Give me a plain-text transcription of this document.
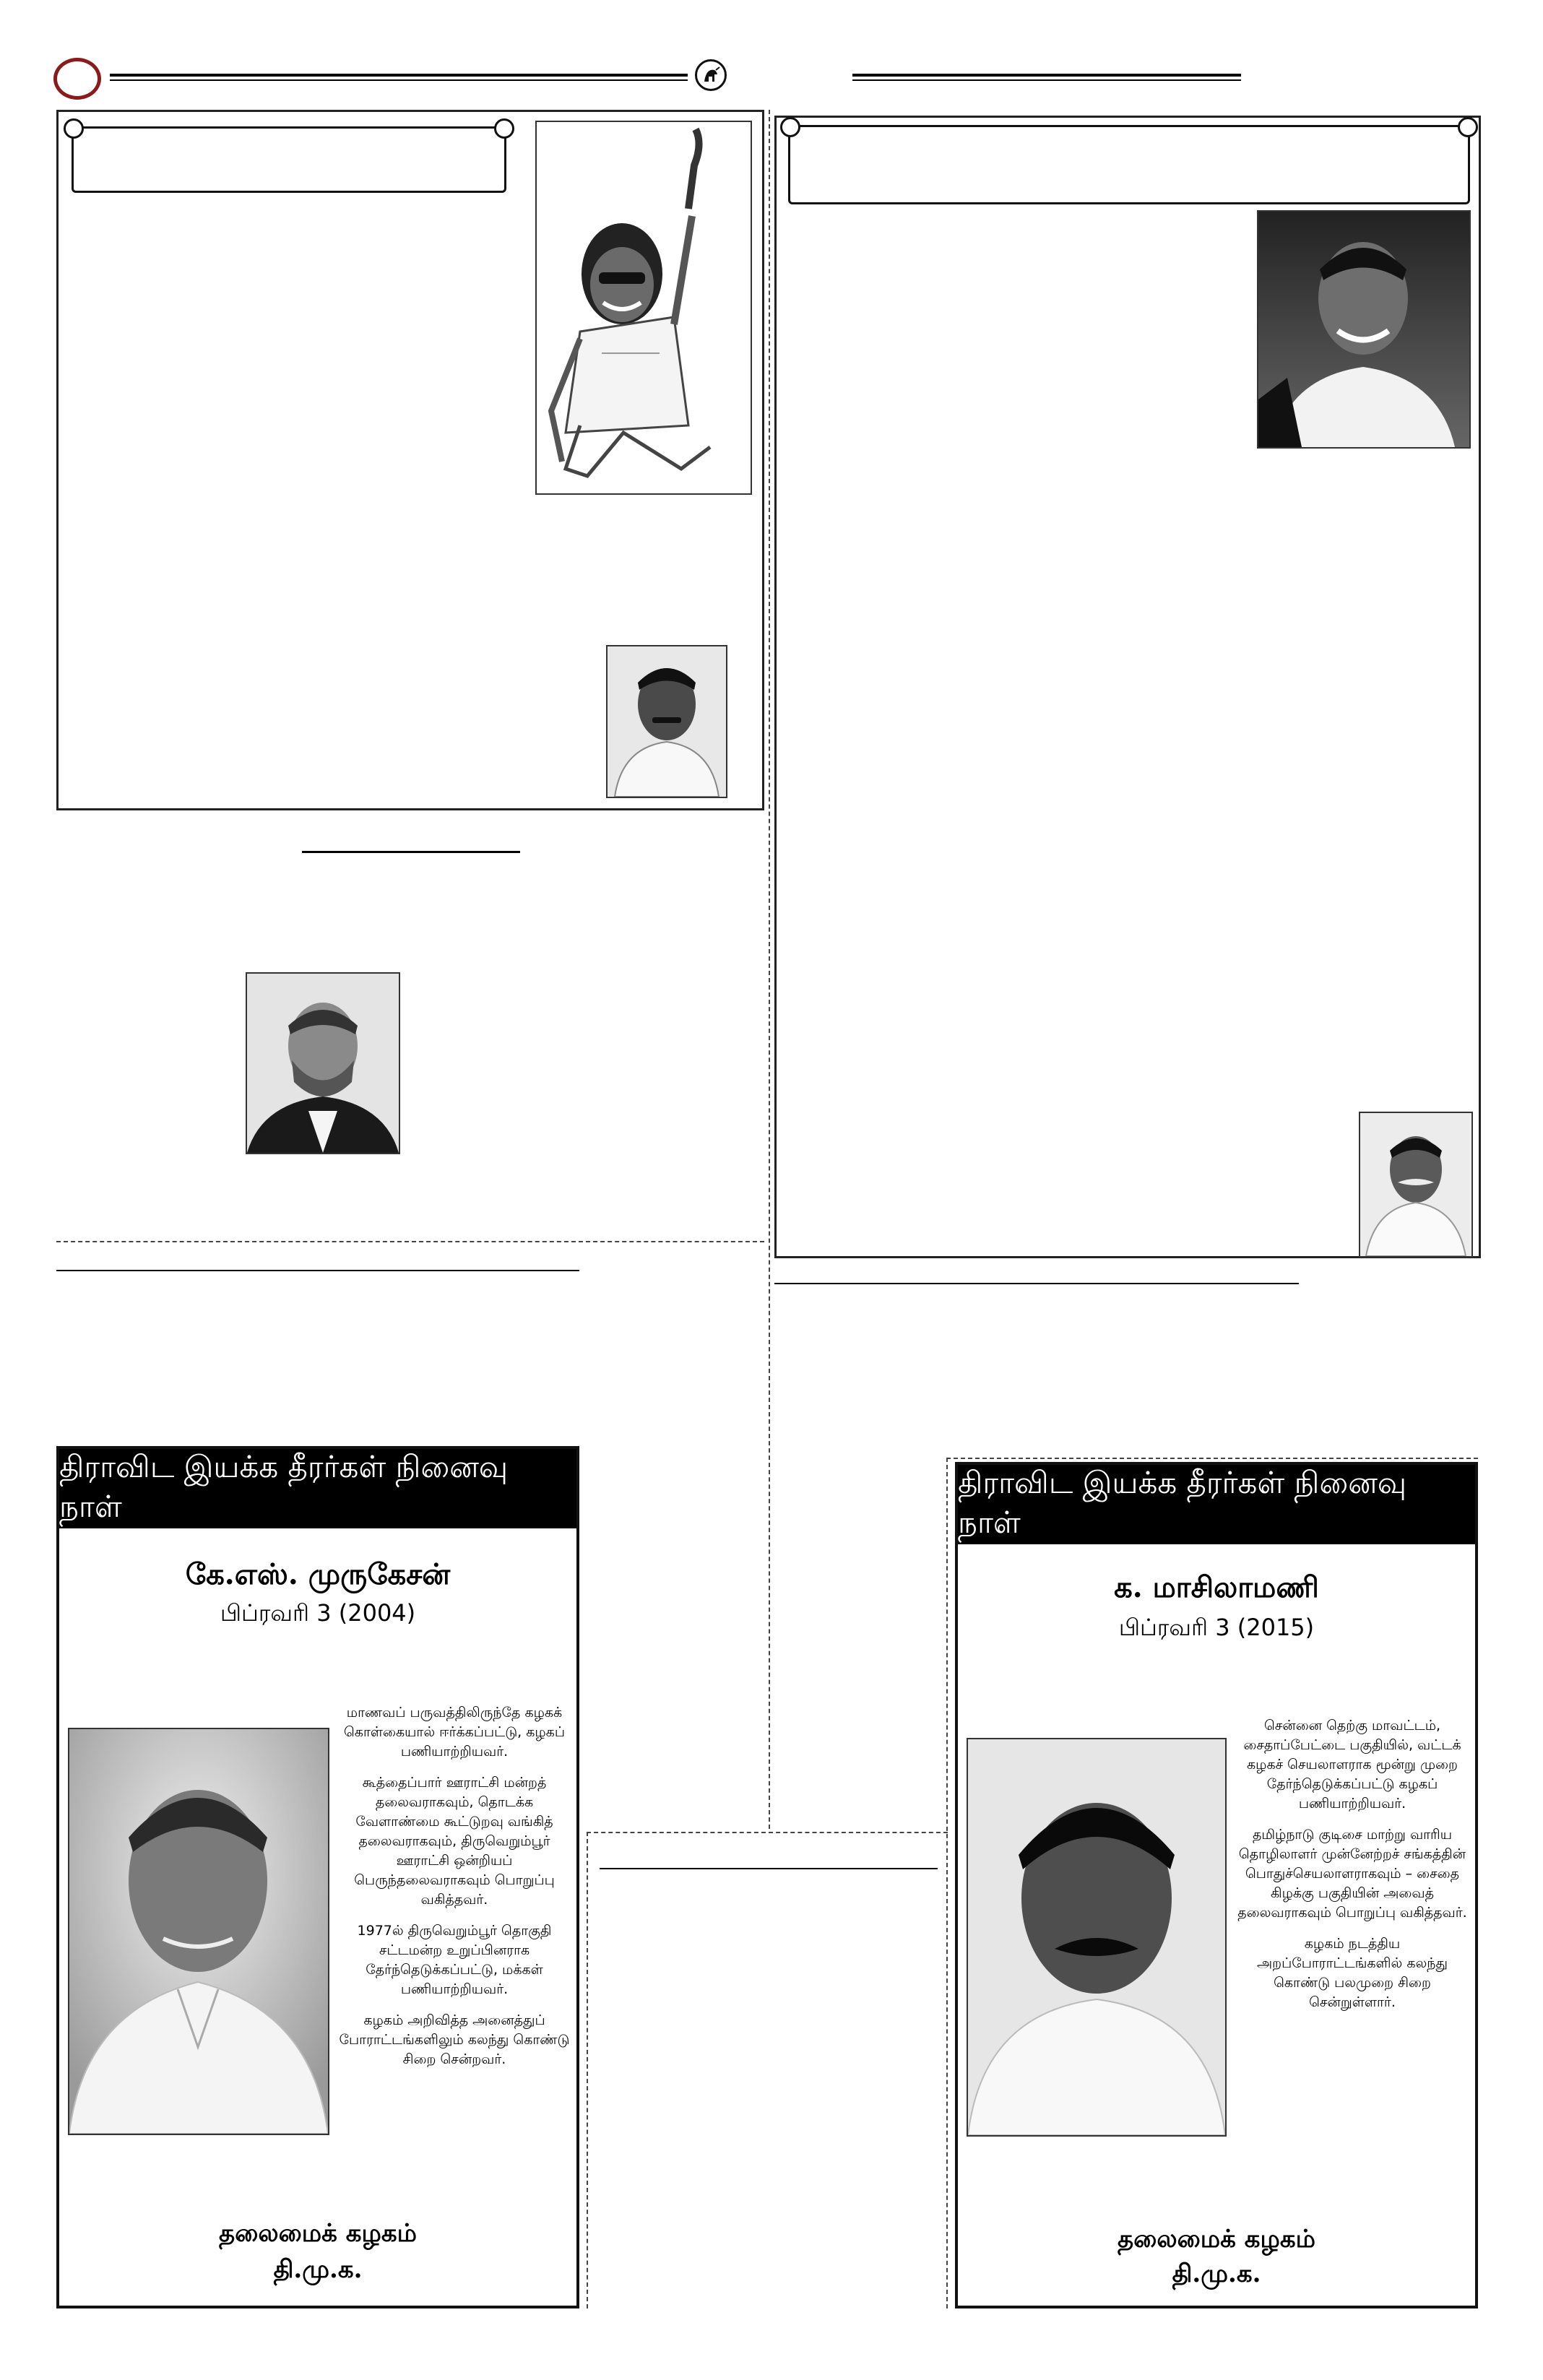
திராவிட இயக்க தீரர்கள் நினைவு நாள்
கே.எஸ். முருகேசன்
பிப்ரவரி 3 (2004)

மாணவப் பருவத்திலிருந்தே கழகக் கொள்கையால் ஈர்க்கப்பட்டு, கழகப் பணியாற்றியவர்.

கூத்தைப்பார் ஊராட்சி மன்றத் தலைவராகவும், தொடக்க வேளாண்மை கூட்டுறவு வங்கித் தலைவராகவும், திருவெறும்பூர் ஊராட்சி ஒன்றியப் பெருந்தலைவராகவும் பொறுப்பு வகித்தவர்.

1977ல் திருவெறும்பூர் தொகுதி சட்டமன்ற உறுப்பினராக தேர்ந்தெடுக்கப்பட்டு, மக்கள் பணியாற்றியவர்.

கழகம் அறிவித்த அனைத்துப் போராட்டங்களிலும் கலந்து கொண்டு சிறை சென்றவர்.

தலைமைக் கழகம்
தி.மு.க.
திராவிட இயக்க தீரர்கள் நினைவு நாள்
க. மாசிலாமணி
பிப்ரவரி 3 (2015)

சென்னை தெற்கு மாவட்டம், சைதாப்பேட்டை பகுதியில், வட்டக் கழகச் செயலாளராக மூன்று முறை தேர்ந்தெடுக்கப்பட்டு கழகப் பணியாற்றியவர்.

தமிழ்நாடு குடிசை மாற்று வாரிய தொழிலாளர் முன்னேற்றச் சங்கத்தின் பொதுச்செயலாளராகவும் – சைதை கிழக்கு பகுதியின் அவைத் தலைவராகவும் பொறுப்பு வகித்தவர்.

கழகம் நடத்திய அறப்போராட்டங்களில் கலந்து கொண்டு பலமுறை சிறை சென்றுள்ளார்.

தலைமைக் கழகம்
தி.மு.க.
